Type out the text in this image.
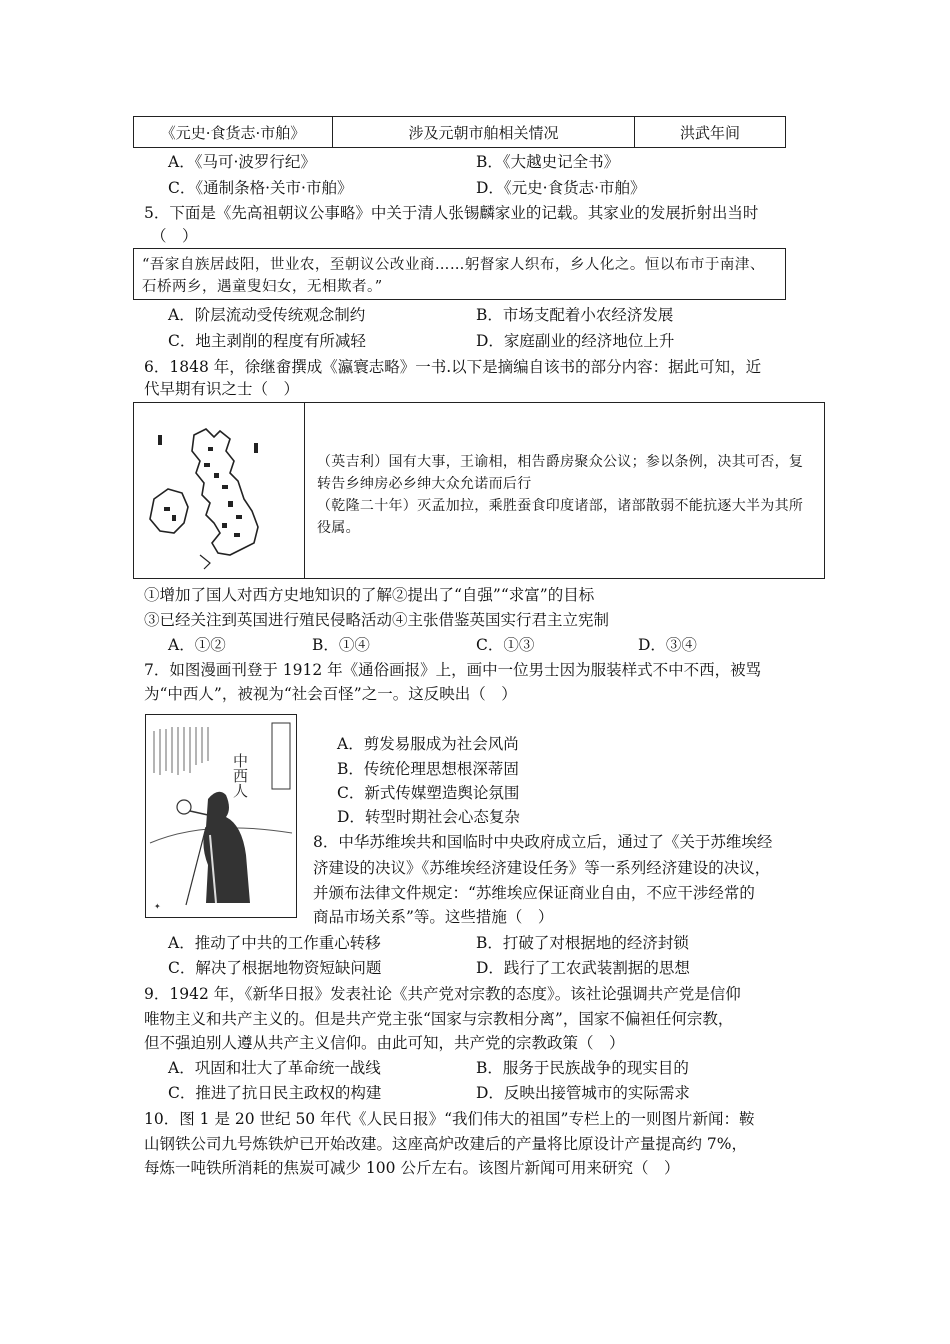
《元史·食货志·市舶》	涉及元朝市舶相关情况	洪武年间
A．《马可·波罗行纪》	B．《大越史记全书》
C．《通制条格·关市·市舶》	D．《元史·食货志·市舶》
5．下面是《先高祖朝议公事略》中关于清人张锡麟家业的记载。其家业的发展折射出当时
（　）
“吾家自族居歧阳，世业农，至朝议公改业商……躬督家人织布，乡人化之。恒以布市于南津、石桥两乡，遇童叟妇女，无相欺者。”
A．阶层流动受传统观念制约	B．市场支配着小农经济发展
C．地主剥削的程度有所减轻	D．家庭副业的经济地位上升
6．1848 年，徐继畲撰成《瀛寰志略》一书.以下是摘编自该书的部分内容：据此可知，近
代早期有识之士（　）
（英吉利）国有大事，王谕相，相告爵房聚众公议；参以条例，决其可否，复转告乡绅房必乡绅大众允诺而后行
（乾隆二十年）灭孟加拉，乘胜蚕食印度诸部，诸部散弱不能抗逐大半为其所役属。
①增加了国人对西方史地知识的了解②提出了“自强”“求富”的目标
③已经关注到英国进行殖民侵略活动④主张借鉴英国实行君主立宪制
A．①②	B．①④	C．①③	D．③④
7．如图漫画刊登于 1912 年《通俗画报》上，画中一位男士因为服装样式不中不西，被骂
为“中西人”，被视为“社会百怪”之一。这反映出（　）
中西人
✦
A．剪发易服成为社会风尚
B．传统伦理思想根深蒂固
C．新式传媒塑造舆论氛围
D．转型时期社会心态复杂
8．中华苏维埃共和国临时中央政府成立后，通过了《关于苏维埃经
济建设的决议》《苏维埃经济建设任务》等一系列经济建设的决议，
并颁布法律文件规定：“苏维埃应保证商业自由，不应干涉经常的
商品市场关系”等。这些措施（　）
A．推动了中共的工作重心转移	B．打破了对根据地的经济封锁
C．解决了根据地物资短缺问题	D．践行了工农武装割据的思想
9．1942 年，《新华日报》发表社论《共产党对宗教的态度》。该社论强调共产党是信仰
唯物主义和共产主义的。但是共产党主张“国家与宗教相分离”，国家不偏袒任何宗教，
但不强迫别人遵从共产主义信仰。由此可知，共产党的宗教政策（　）
A．巩固和壮大了革命统一战线	B．服务于民族战争的现实目的
C．推进了抗日民主政权的构建	D．反映出接管城市的实际需求
10．图 1 是 20 世纪 50 年代《人民日报》“我们伟大的祖国”专栏上的一则图片新闻：鞍
山钢铁公司九号炼铁炉已开始改建。这座高炉改建后的产量将比原设计产量提高约 7%，
每炼一吨铁所消耗的焦炭可减少 100 公斤左右。该图片新闻可用来研究（　）
